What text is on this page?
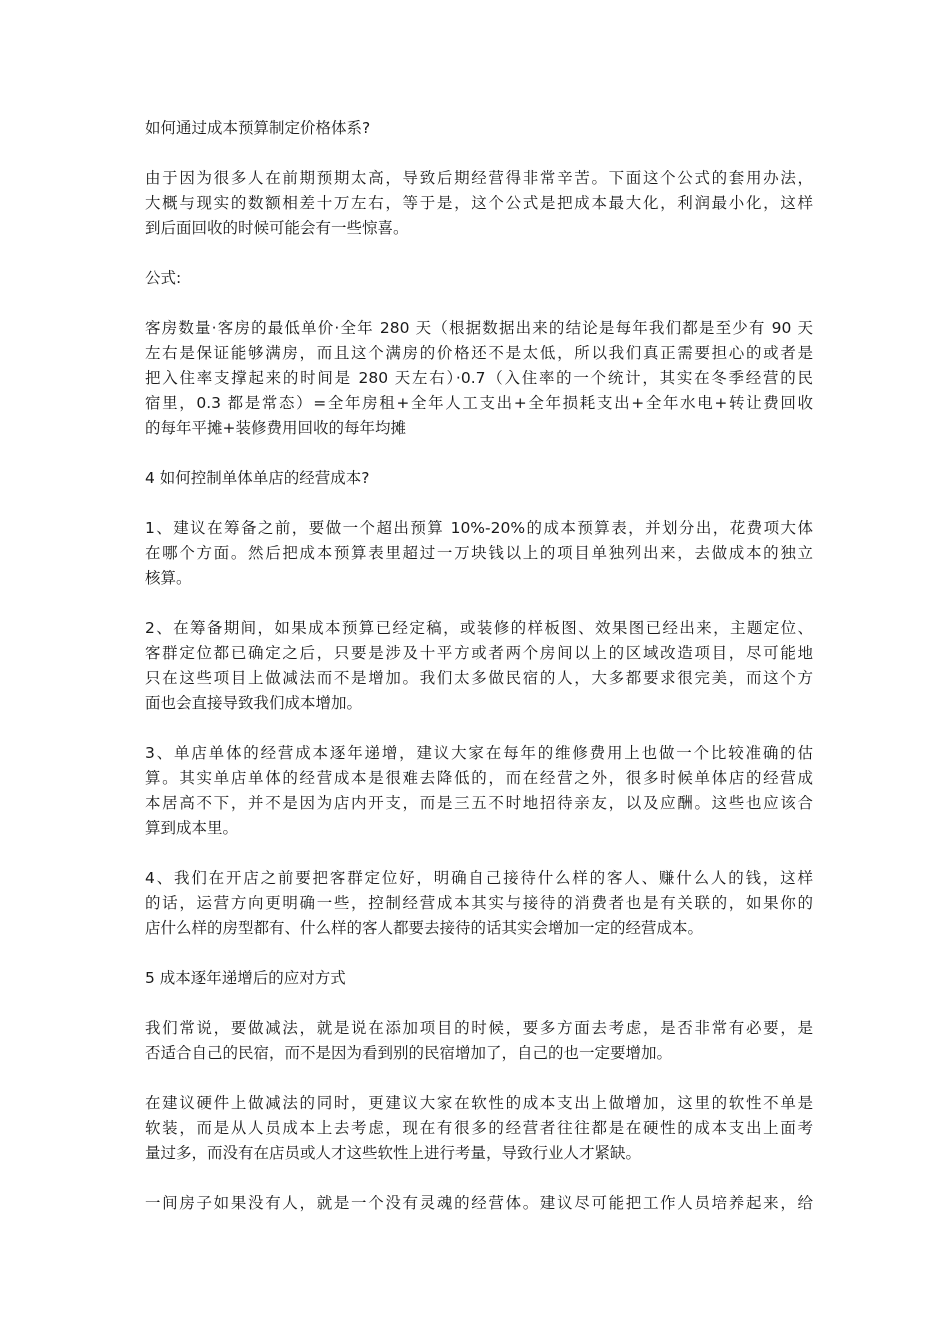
如何通过成本预算制定价格体系?
由于因为很多人在前期预期太高，导致后期经营得非常辛苦。下面这个公式的套用办法，
大概与现实的数额相差十万左右，等于是，这个公式是把成本最大化，利润最小化，这样
到后面回收的时候可能会有一些惊喜。
公式:
客房数量·客房的最低单价·全年 280 天（根据数据出来的结论是每年我们都是至少有 90 天
左右是保证能够满房，而且这个满房的价格还不是太低，所以我们真正需要担心的或者是
把入住率支撑起来的时间是 280 天左右）·0.7（入住率的一个统计，其实在冬季经营的民
宿里，0.3 都是常态）=全年房租+全年人工支出+全年损耗支出+全年水电+转让费回收
的每年平摊+装修费用回收的每年均摊
4 如何控制单体单店的经营成本?
1、建议在筹备之前，要做一个超出预算 10%-20%的成本预算表，并划分出，花费项大体
在哪个方面。然后把成本预算表里超过一万块钱以上的项目单独列出来，去做成本的独立
核算。
2、在筹备期间，如果成本预算已经定稿，或装修的样板图、效果图已经出来，主题定位、
客群定位都已确定之后，只要是涉及十平方或者两个房间以上的区域改造项目，尽可能地
只在这些项目上做减法而不是增加。我们太多做民宿的人，大多都要求很完美，而这个方
面也会直接导致我们成本增加。
3、单店单体的经营成本逐年递增，建议大家在每年的维修费用上也做一个比较准确的估
算。其实单店单体的经营成本是很难去降低的，而在经营之外，很多时候单体店的经营成
本居高不下，并不是因为店内开支，而是三五不时地招待亲友，以及应酬。这些也应该合
算到成本里。
4、我们在开店之前要把客群定位好，明确自己接待什么样的客人、赚什么人的钱，这样
的话，运营方向更明确一些，控制经营成本其实与接待的消费者也是有关联的，如果你的
店什么样的房型都有、什么样的客人都要去接待的话其实会增加一定的经营成本。
5 成本逐年递增后的应对方式
我们常说，要做减法，就是说在添加项目的时候，要多方面去考虑，是否非常有必要，是
否适合自己的民宿，而不是因为看到别的民宿增加了，自己的也一定要增加。
在建议硬件上做减法的同时，更建议大家在软性的成本支出上做增加，这里的软性不单是
软装，而是从人员成本上去考虑，现在有很多的经营者往往都是在硬性的成本支出上面考
量过多，而没有在店员或人才这些软性上进行考量，导致行业人才紧缺。
一间房子如果没有人，就是一个没有灵魂的经营体。建议尽可能把工作人员培养起来，给
